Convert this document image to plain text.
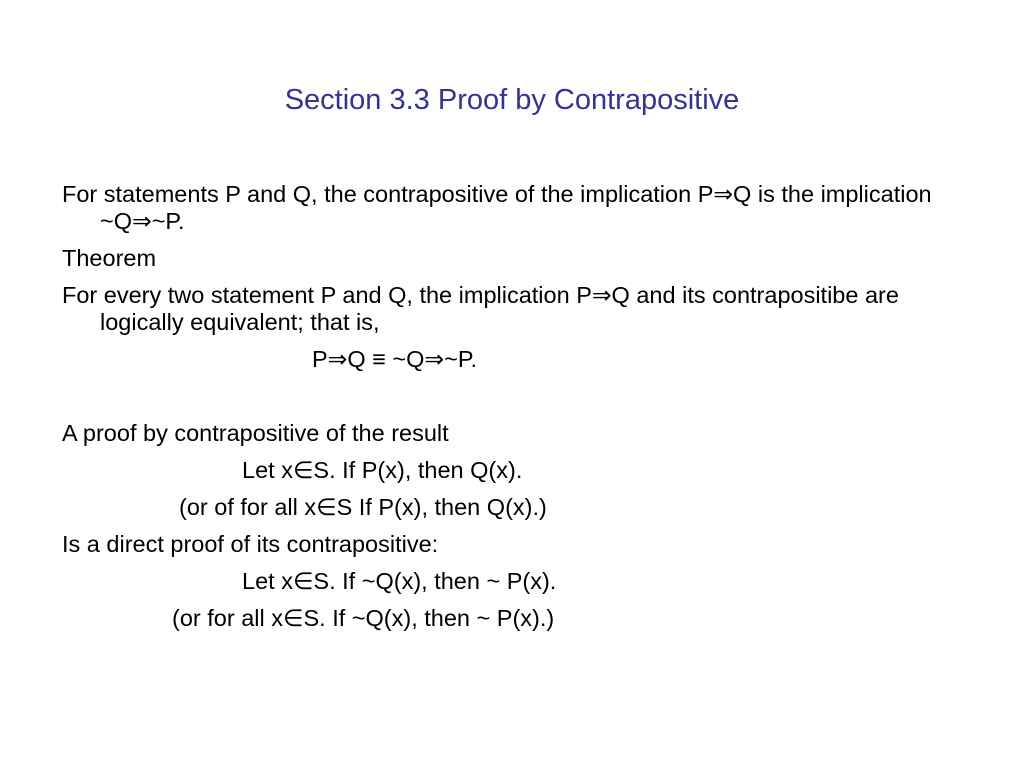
Section 3.3 Proof by Contrapositive

For statements P and Q, the contrapositive of the implication P⇒Q is the implication ~Q⇒~P.

Theorem

For every two statement P and Q, the implication P⇒Q and its contrapositibe are logically equivalent; that is,

P⇒Q ≡ ~Q⇒~P.

A proof by contrapositive of the result

Let x∈S. If P(x), then Q(x).

(or of for all x∈S If P(x), then Q(x).)

Is a direct proof of its contrapositive:

Let x∈S. If ~Q(x), then ~ P(x).

(or for all x∈S. If ~Q(x), then ~ P(x).)
